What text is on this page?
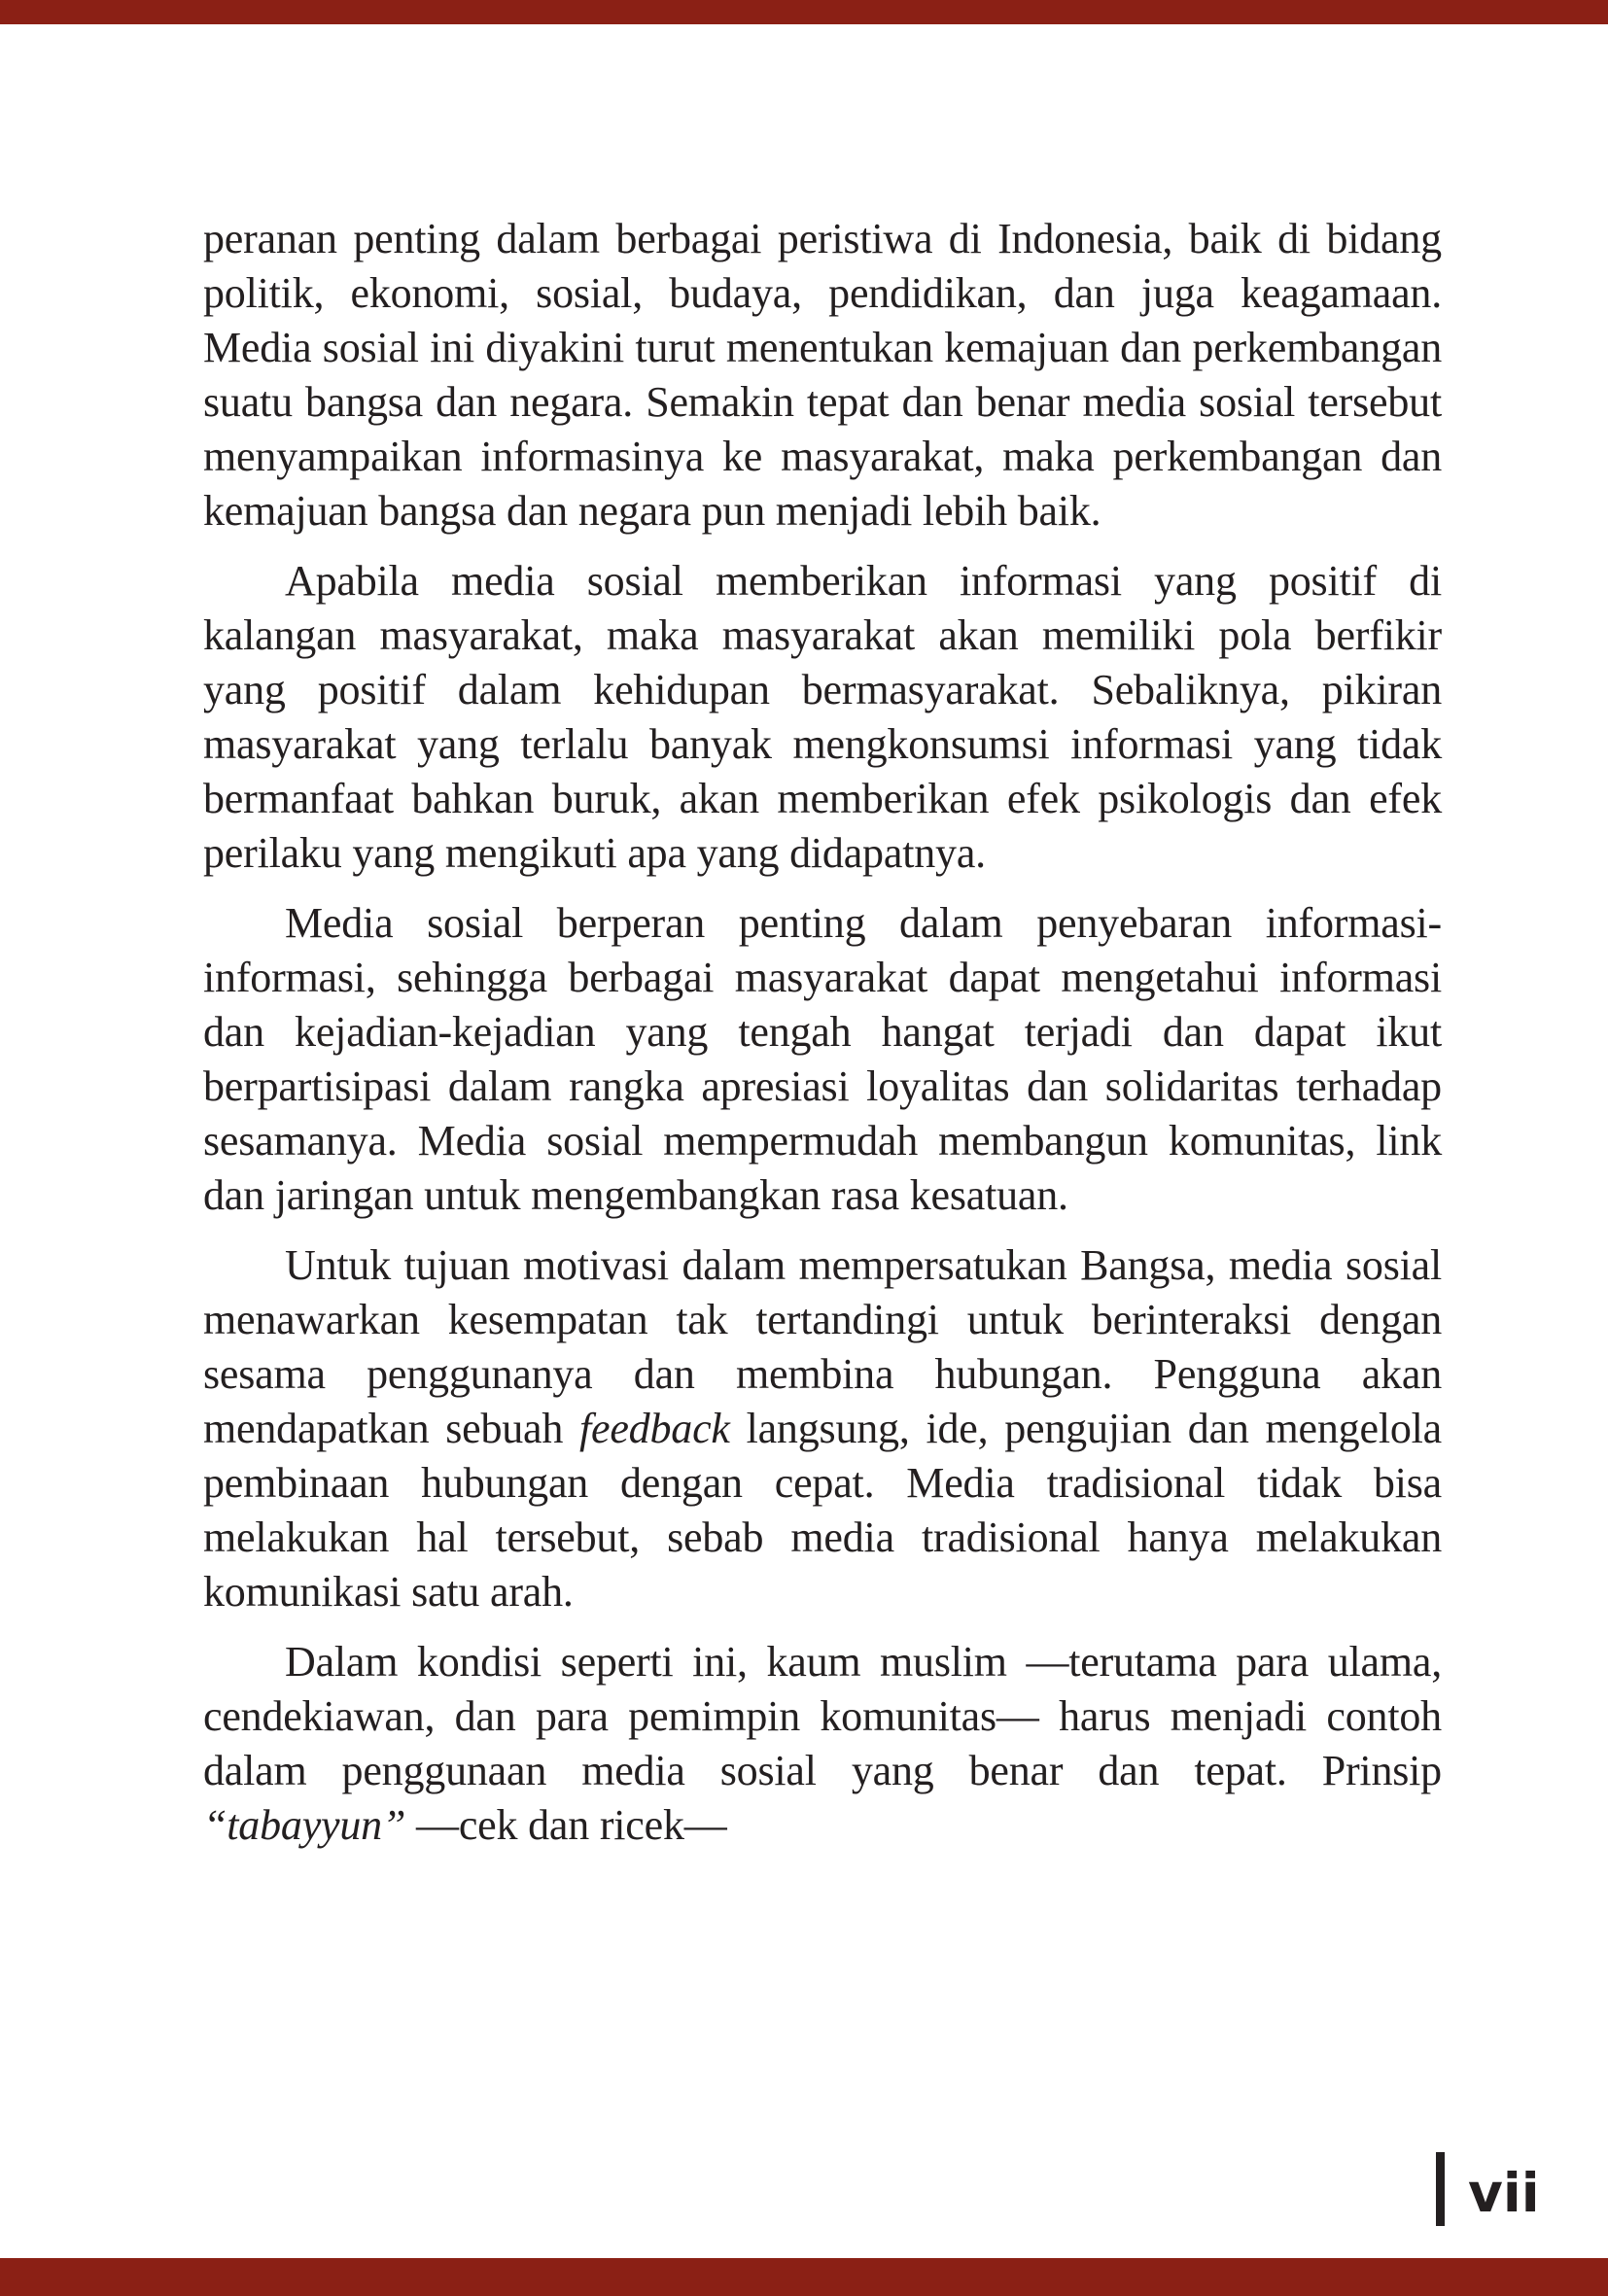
peranan penting dalam berbagai peristiwa di Indonesia, baik di bidang politik, ekonomi, sosial, budaya, pendidikan, dan juga keagamaan. Media sosial ini diyakini turut menentukan kemajuan dan perkembangan suatu bangsa dan negara. Semakin tepat dan benar media sosial tersebut menyampaikan informasinya ke masyarakat, maka perkembangan dan kemajuan bangsa dan negara pun menjadi lebih baik.

Apabila media sosial memberikan informasi yang positif di kalangan masyarakat, maka masyarakat akan memiliki pola berfikir yang positif dalam kehidupan bermasyarakat. Sebaliknya, pikiran masyarakat yang terlalu banyak mengkonsumsi informasi yang tidak bermanfaat bahkan buruk, akan memberikan efek psikologis dan efek perilaku yang mengikuti apa yang didapatnya.

Media sosial berperan penting dalam penyebaran informasi-informasi, sehingga berbagai masyarakat dapat mengetahui informasi dan kejadian-kejadian yang tengah hangat terjadi dan dapat ikut berpartisipasi dalam rangka apresiasi loyalitas dan solidaritas terhadap sesamanya. Media sosial mempermudah membangun komunitas, link dan jaringan untuk mengembangkan rasa kesatuan.

Untuk tujuan motivasi dalam mempersatukan Bangsa, media sosial menawarkan kesempatan tak tertandingi untuk berinteraksi dengan sesama penggunanya dan membina hubungan. Pengguna akan mendapatkan sebuah feedback langsung, ide, pengujian dan mengelola pembinaan hubungan dengan cepat. Media tradisional tidak bisa melakukan hal tersebut, sebab media tradisional hanya melakukan komunikasi satu arah.

Dalam kondisi seperti ini, kaum muslim —terutama para ulama, cendekiawan, dan para pemimpin komunitas— harus menjadi contoh dalam penggunaan media sosial yang benar dan tepat. Prinsip “tabayyun” —cek dan ricek—

vii
